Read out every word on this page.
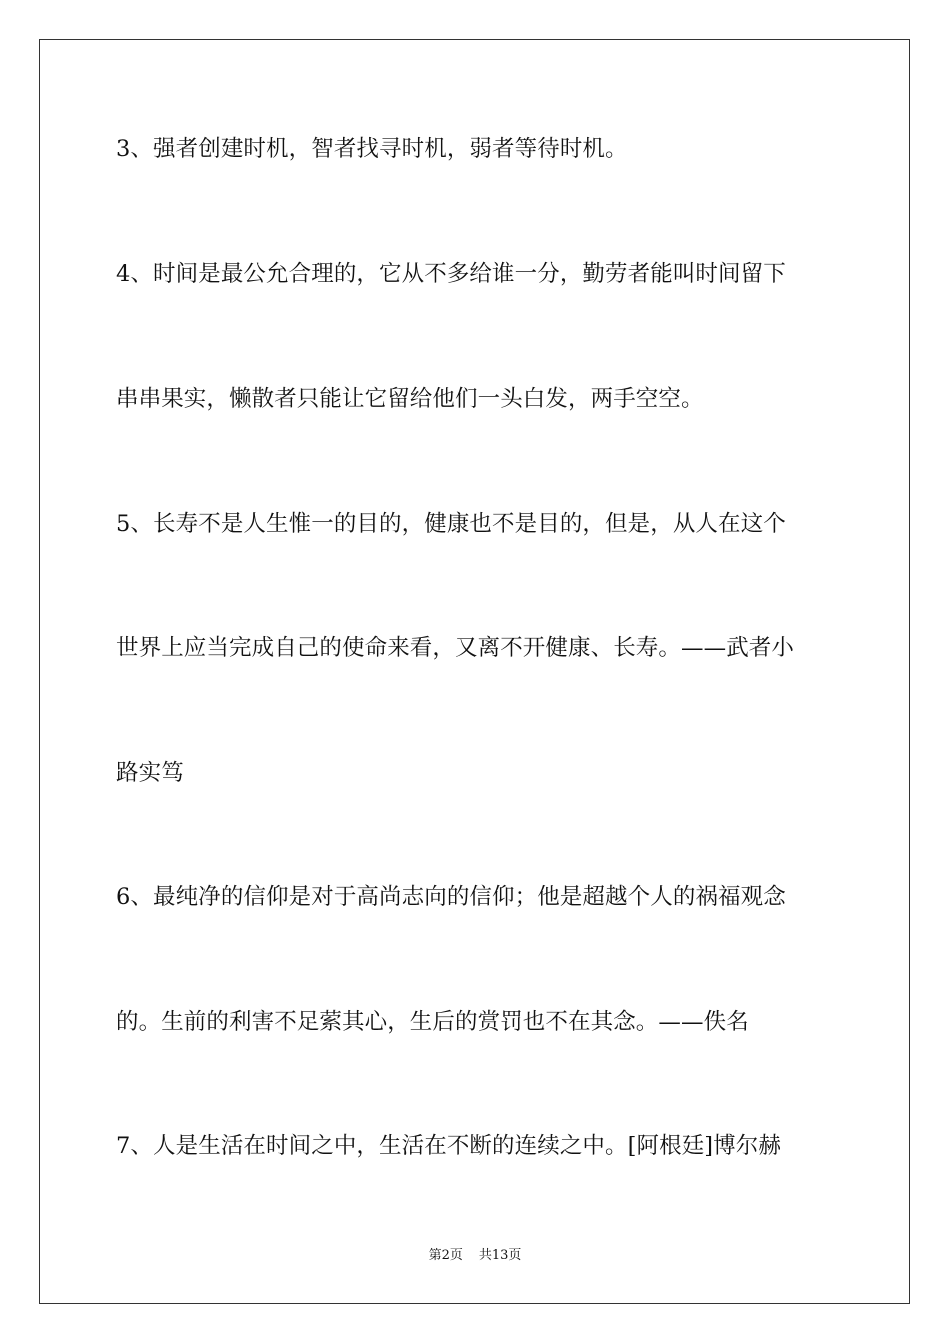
3、强者创建时机，智者找寻时机，弱者等待时机。
4、时间是最公允合理的，它从不多给谁一分，勤劳者能叫时间留下
串串果实，懒散者只能让它留给他们一头白发，两手空空。
5、长寿不是人生惟一的目的，健康也不是目的，但是，从人在这个
世界上应当完成自己的使命来看，又离不开健康、长寿。——武者小
路实笃
6、最纯净的信仰是对于高尚志向的信仰；他是超越个人的祸福观念
的。生前的利害不足萦其心，生后的赏罚也不在其念。——佚名
7、人是生活在时间之中，生活在不断的连续之中。[阿根廷]博尔赫
第2页 共13页
